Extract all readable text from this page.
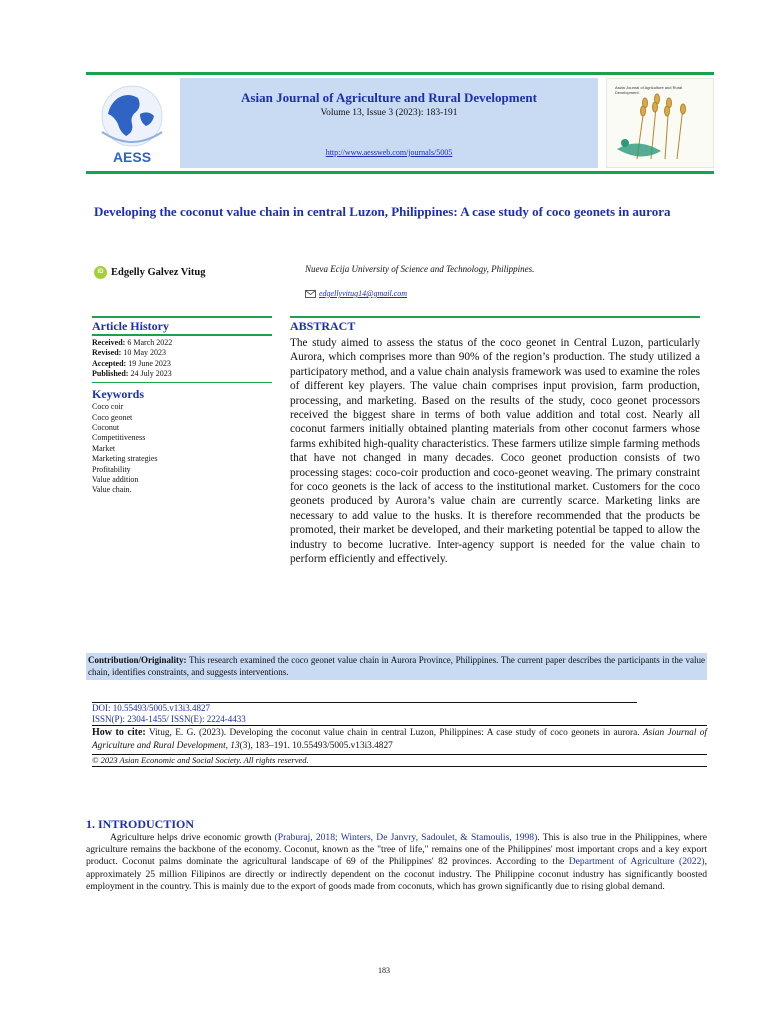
AESS
Asian Journal of Agriculture and Rural Development
Volume 13, Issue 3 (2023): 183-191
http://www.aessweb.com/journals/5005
Asian Journal of Agriculture and Rural Development
Developing the coconut value chain in central Luzon, Philippines: A case study of coco geonets in aurora
iD Edgelly Galvez Vitug	Nueva Ecija University of Science and Technology, Philippines.
edgellyvitug14@gmail.com
Article History
Received: 6 March 2022
Revised: 10 May 2023
Accepted: 19 June 2023
Published: 24 July 2023
Keywords
Coco coir
Coco geonet
Coconut
Competitiveness
Market
Marketing strategies
Profitability
Value addition
Value chain.
ABSTRACT
The study aimed to assess the status of the coco geonet in Central Luzon, particularly Aurora, which comprises more than 90% of the region’s production. The study utilized a participatory method, and a value chain analysis framework was used to examine the roles of different key players. The value chain comprises input provision, farm production, processing, and marketing. Based on the results of the study, coco geonet processors received the biggest share in terms of both value addition and total cost. Nearly all coconut farmers initially obtained planting materials from other coconut farmers whose farms exhibited high-quality characteristics. These farmers utilize simple farming methods that have not changed in many decades. Coco geonet production consists of two processing stages: coco-coir production and coco-geonet weaving. The primary constraint for coco geonets is the lack of access to the institutional market. Customers for the coco geonets produced by Aurora’s value chain are currently scarce. Marketing links are necessary to add value to the husks. It is therefore recommended that the products be promoted, their market be developed, and their marketing potential be tapped to allow the industry to become lucrative. Inter-agency support is needed for the value chain to perform efficiently and effectively.
Contribution/Originality: This research examined the coco geonet value chain in Aurora Province, Philippines. The current paper describes the participants in the value chain, identifies constraints, and suggests interventions.
DOI: 10.55493/5005.v13i3.4827
ISSN(P): 2304-1455/ ISSN(E): 2224-4433
How to cite: Vitug, E. G. (2023). Developing the coconut value chain in central Luzon, Philippines: A case study of coco geonets in aurora. Asian Journal of Agriculture and Rural Development, 13(3), 183–191. 10.55493/5005.v13i3.4827
© 2023 Asian Economic and Social Society. All rights reserved.
1. INTRODUCTION
Agriculture helps drive economic growth (Praburaj, 2018; Winters, De Janvry, Sadoulet, & Stamoulis, 1998). This is also true in the Philippines, where agriculture remains the backbone of the economy. Coconut, known as the "tree of life," remains one of the Philippines' most important crops and a key export product. Coconut palms dominate the agricultural landscape of 69 of the Philippines' 82 provinces. According to the Department of Agriculture (2022), approximately 25 million Filipinos are directly or indirectly dependent on the coconut industry. The Philippine coconut industry has significantly boosted employment in the country. This is mainly due to the export of goods made from coconuts, which has grown significantly due to rising global demand.
183
